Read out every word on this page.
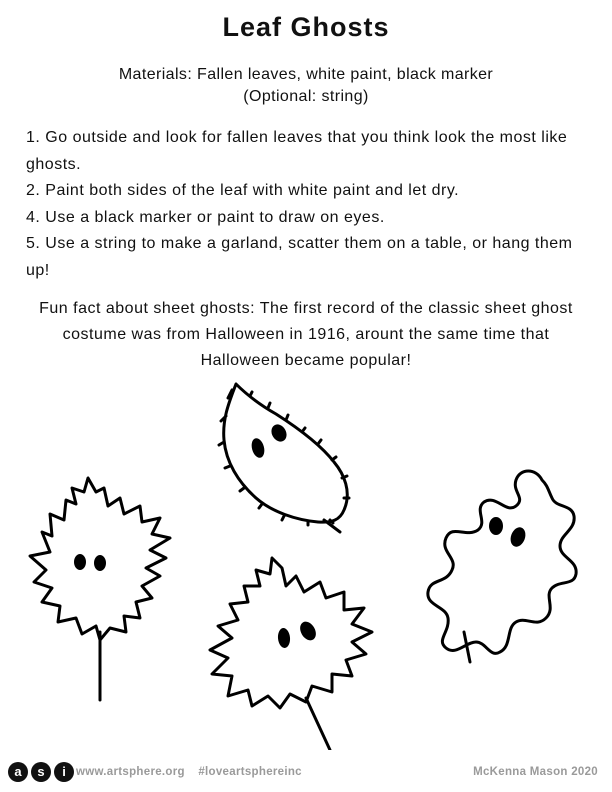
Leaf Ghosts
Materials: Fallen leaves, white paint, black marker
(Optional: string)
1. Go outside and look for fallen leaves that you think look the most like ghosts.
2. Paint both sides of the leaf with white paint and let dry.
4. Use a black marker or paint to draw on eyes.
5. Use a string to make a garland, scatter them on a table, or hang them up!
Fun fact about sheet ghosts: The first record of the classic sheet ghost costume was from Halloween in 1916, arount the same time that Halloween became popular!
a	s	i www.artsphere.org #loveartsphereinc	McKenna Mason 2020
